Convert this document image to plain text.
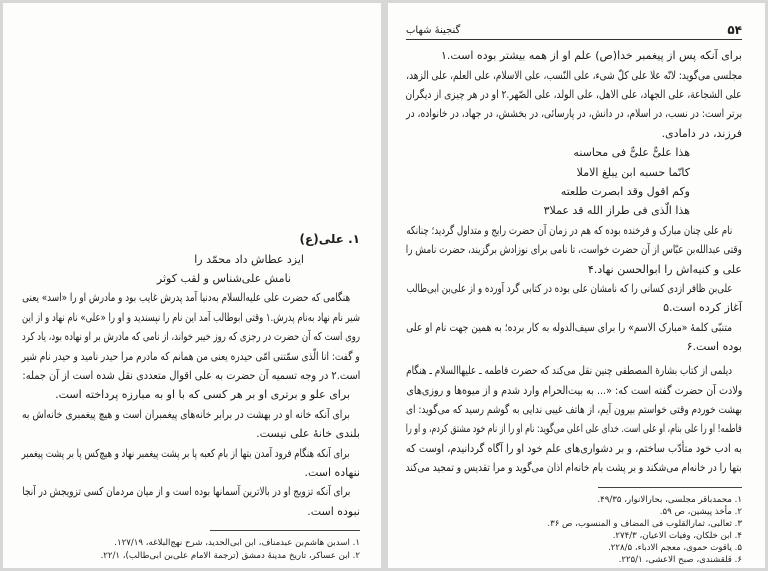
۱. علی(ع)
ایزد عطاش داد محمّد را
نامش علی‌شناس و لقب کوثر
هنگامی که حضرت علی علیه‌السلام به‌دنیا آمد پدرش غایب بود و مادرش او را «اسد» یعنی
شیر نام نهاد به‌نام پدرش.۱ وقتی ابوطالب آمد این نام را نپسندید و او را «علی» نام نهاد و از این
روی است که آن حضرت در رجزی که روز خیبر خواند، از نامی که مادرش بر او نهاده بود، یاد کرد
و گفت: انا الّذی سمّتنی امّی حیدره یعنی من همانم که مادرم مرا حیدر نامید و حیدر نام شیر
است.۲ در وجه تسمیه آن حضرت به علی اقوال متعددی نقل شده است از آن جمله:
برای علو و برتری او بر هر کسی که با او به مبارزه پرداخته است.
برای آنکه خانه او در بهشت در برابر خانه‌های پیغمبران است و هیچ پیغمبری خانه‌اش به
بلندی خانهٔ علی نیست.
برای آنکه هنگام فرود آمدن بتها از بام کعبه پا بر پشت پیغمبر نهاد و هیچ‌کس پا بر پشت پیغمبر
ننهاده است.
برای آنکه تزویج او در بالاترین آسمانها بوده است و از میان مردمان کسی تزویجش در آنجا
نبوده است.
۱. اسدبن هاشم‌بن عبدمناف، ابن ابی‌الحدید، شرح نهج‌البلاغه، ۱۲۷/۱۹.
۲. ابن عساکر، تاریخ مدینهٔ دمشق (ترجمة الامام علی‌بن ابی‌طالب)، ۲۲/۱.
۵۴
گنجینهٔ شهاب
برای آنکه پس از پیغمبر خدا(ص) علم او از همه بیشتر بوده است.۱
مجلسی می‌گوید: لانّه علا علی کلّ شیء، علی النّسب، علی الاسلام، علی العلم، علی الزهد،
علی الشجاعة، علی الجهاد، علی الاهل، علی الولد، علی الصّهر.۲ او در هر چیزی از دیگران
برتر است: در نسب، در اسلام، در دانش، در پارسائی، در بخشش، در جهاد، در خانواده، در
فرزند، در دامادی.
هذا علیٌّ علیٌّ فی محاسنه
کانّما حسبه ابن یبلغ الاملا
وکم اقول وقد ابصرت طلعته
هذا الّذی فی طراز الله قد عملا۳
نام علی چنان مبارک و فرخنده بوده که هم در زمان آن حضرت رایج و متداول گردید؛ چنانکه
وقتی عبدالله‌بن عبّاس از آن حضرت خواست، تا نامی برای نوزادش برگزیند، حضرت نامش را
علی و کنیه‌اش را ابوالحسن نهاد.۴
علی‌بن ظافر ازدی کسانی را که نامشان علی بوده در کتابی گرد آورده و از علی‌بن ابی‌طالب
آغاز کرده است.۵
متنبّی کلمهٔ «مبارک الاسم» را برای سیف‌الدوله به کار برده؛ به همین جهت نام او علی
بوده است.۶
دیلمی از کتاب بشارة المصطفی چنین نقل می‌کند که حضرت فاطمه ـ علیهاالسلام ـ هنگام
ولادت آن حضرت گفته است که: «... به بیت‌الحرام وارد شدم و از میوه‌ها و روزی‌های
بهشت خوردم وقتی خواستم بیرون آیم، از هاتف غیبی ندایی به گوشم رسید که می‌گوید: ای
فاطمه! او را علی بنام، او علی است. خدای علی اعلی می‌گوید: نام او را از نام خود مشتق کردم، و او را
به ادب خود متأدّب ساختم، و بر دشواری‌های علم خود او را آگاه گردانیدم، اوست که
بتها را در خانه‌ام می‌شکند و بر پشت بام خانه‌ام اذان می‌گوید و مرا تقدیس و تمجید می‌کند
۱. محمدباقر مجلسی، بحارالانوار، ۴۹/۳۵.
۲. مأخذ پیشین، ص ۵۹.
۳. ثعالبی، ثمارالقلوب فی المضاف و المنسوب، ص ۳۶.
۴. ابن خلکان، وفیات الاعیان، ۲۷۴/۳.
۵. یاقوت حموی، معجم الادباء، ۲۲۸/۵.
۶. قلقشندی، صبح الاعشی، ۲۲۵/۱.
